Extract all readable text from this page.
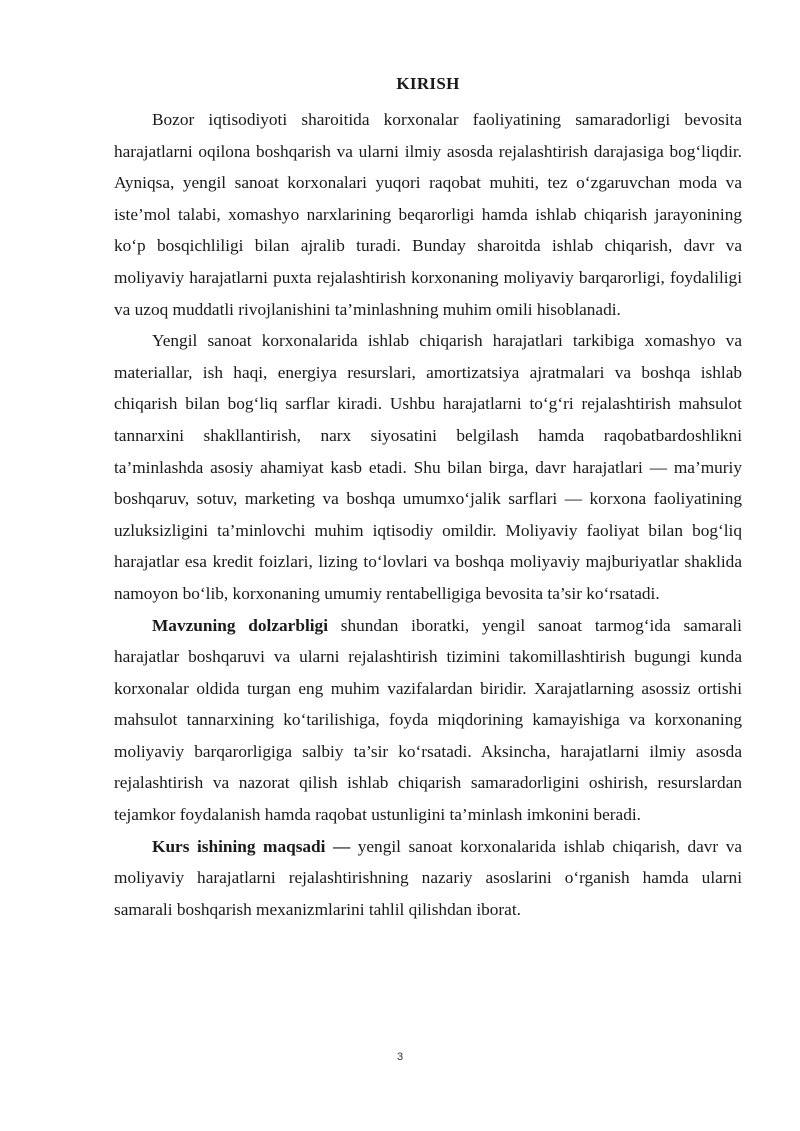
KIRISH

Bozor iqtisodiyoti sharoitida korxonalar faoliyatining samaradorligi bevosita harajatlarni oqilona boshqarish va ularni ilmiy asosda rejalashtirish darajasiga bog‘liqdir. Ayniqsa, yengil sanoat korxonalari yuqori raqobat muhiti, tez o‘zgaruvchan moda va iste’mol talabi, xomashyo narxlarining beqarorligi hamda ishlab chiqarish jarayonining ko‘p bosqichliligi bilan ajralib turadi. Bunday sharoitda ishlab chiqarish, davr va moliyaviy harajatlarni puxta rejalashtirish korxonaning moliyaviy barqarorligi, foydaliligi va uzoq muddatli rivojlanishini ta’minlashning muhim omili hisoblanadi.

Yengil sanoat korxonalarida ishlab chiqarish harajatlari tarkibiga xomashyo va materiallar, ish haqi, energiya resurslari, amortizatsiya ajratmalari va boshqa ishlab chiqarish bilan bog‘liq sarflar kiradi. Ushbu harajatlarni to‘g‘ri rejalashtirish mahsulot tannarxini shakllantirish, narx siyosatini belgilash hamda raqobatbardoshlikni ta’minlashda asosiy ahamiyat kasb etadi. Shu bilan birga, davr harajatlari — ma’muriy boshqaruv, sotuv, marketing va boshqa umumxo‘jalik sarflari — korxona faoliyatining uzluksizligini ta’minlovchi muhim iqtisodiy omildir. Moliyaviy faoliyat bilan bog‘liq harajatlar esa kredit foizlari, lizing to‘lovlari va boshqa moliyaviy majburiyatlar shaklida namoyon bo‘lib, korxonaning umumiy rentabelligiga bevosita ta’sir ko‘rsatadi.

Mavzuning dolzarbligi shundan iboratki, yengil sanoat tarmog‘ida samarali harajatlar boshqaruvi va ularni rejalashtirish tizimini takomillashtirish bugungi kunda korxonalar oldida turgan eng muhim vazifalardan biridir. Xarajatlarning asossiz ortishi mahsulot tannarxining ko‘tarilishiga, foyda miqdorining kamayishiga va korxonaning moliyaviy barqarorligiga salbiy ta’sir ko‘rsatadi. Aksincha, harajatlarni ilmiy asosda rejalashtirish va nazorat qilish ishlab chiqarish samaradorligini oshirish, resurslardan tejamkor foydalanish hamda raqobat ustunligini ta’minlash imkonini beradi.

Kurs ishining maqsadi — yengil sanoat korxonalarida ishlab chiqarish, davr va moliyaviy harajatlarni rejalashtirishning nazariy asoslarini o‘rganish hamda ularni samarali boshqarish mexanizmlarini tahlil qilishdan iborat.

3
